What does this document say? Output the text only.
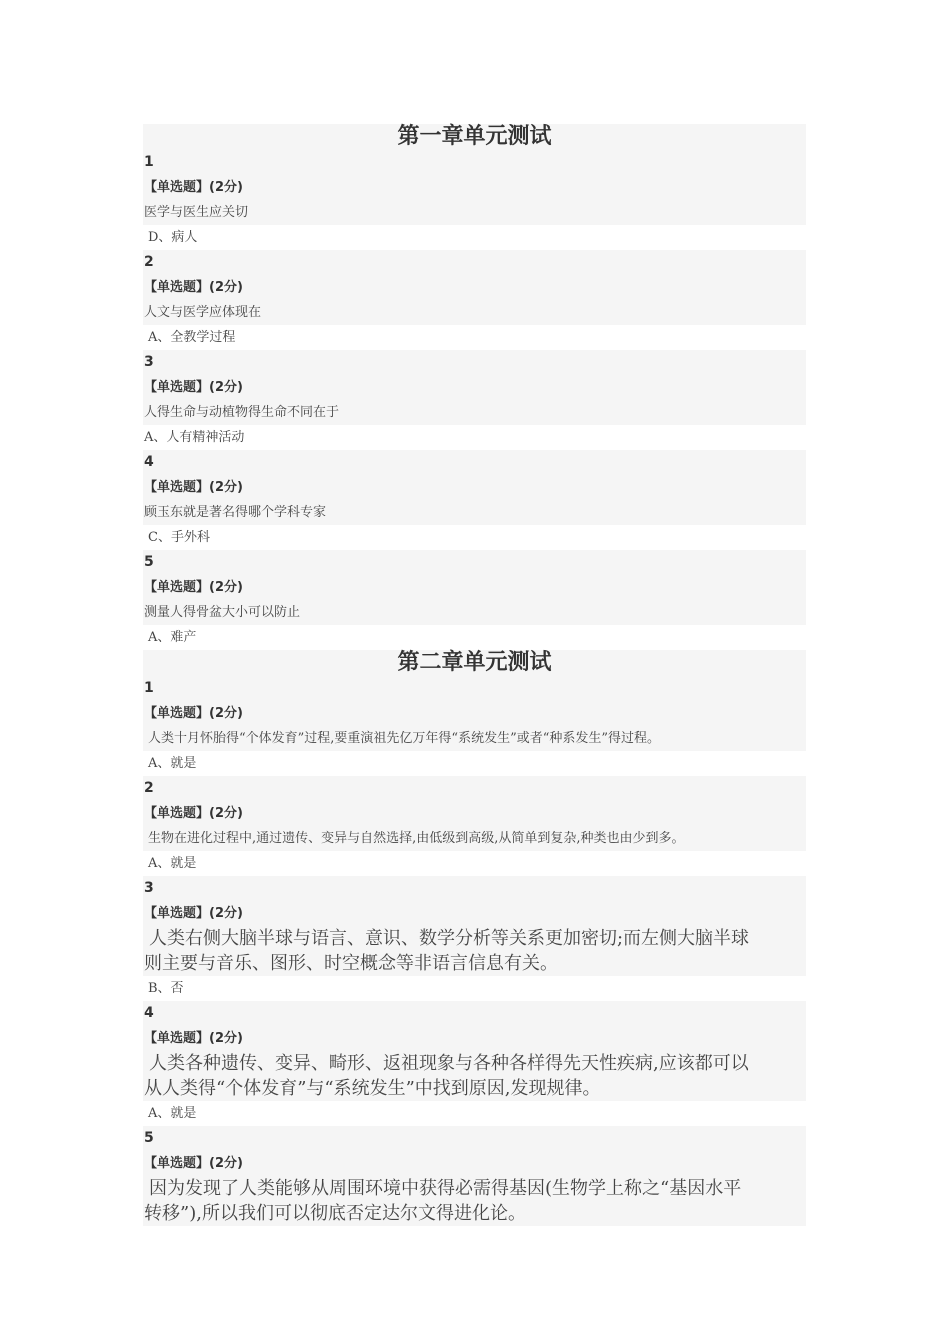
第一章单元测试
1
【单选题】(2分)
医学与医生应关切
D、病人
2
【单选题】(2分)
人文与医学应体现在
A、全教学过程
3
【单选题】(2分)
人得生命与动植物得生命不同在于
A、人有精神活动
4
【单选题】(2分)
顾玉东就是著名得哪个学科专家
C、手外科
5
【单选题】(2分)
测量人得骨盆大小可以防止
A、难产
第二章单元测试
1
【单选题】(2分)
人类十月怀胎得“个体发育”过程,要重演祖先亿万年得“系统发生”或者“种系发生”得过程。
A、就是
2
【单选题】(2分)
生物在进化过程中,通过遗传、变异与自然选择,由低级到高级,从简单到复杂,种类也由少到多。
A、就是
3
【单选题】(2分)
人类右侧大脑半球与语言、意识、数学分析等关系更加密切;而左侧大脑半球
则主要与音乐、图形、时空概念等非语言信息有关。
B、否
4
【单选题】(2分)
人类各种遗传、变异、畸形、返祖现象与各种各样得先天性疾病,应该都可以
从人类得“个体发育”与“系统发生”中找到原因,发现规律。
A、就是
5
【单选题】(2分)
因为发现了人类能够从周围环境中获得必需得基因(生物学上称之“基因水平
转移”),所以我们可以彻底否定达尔文得进化论。
